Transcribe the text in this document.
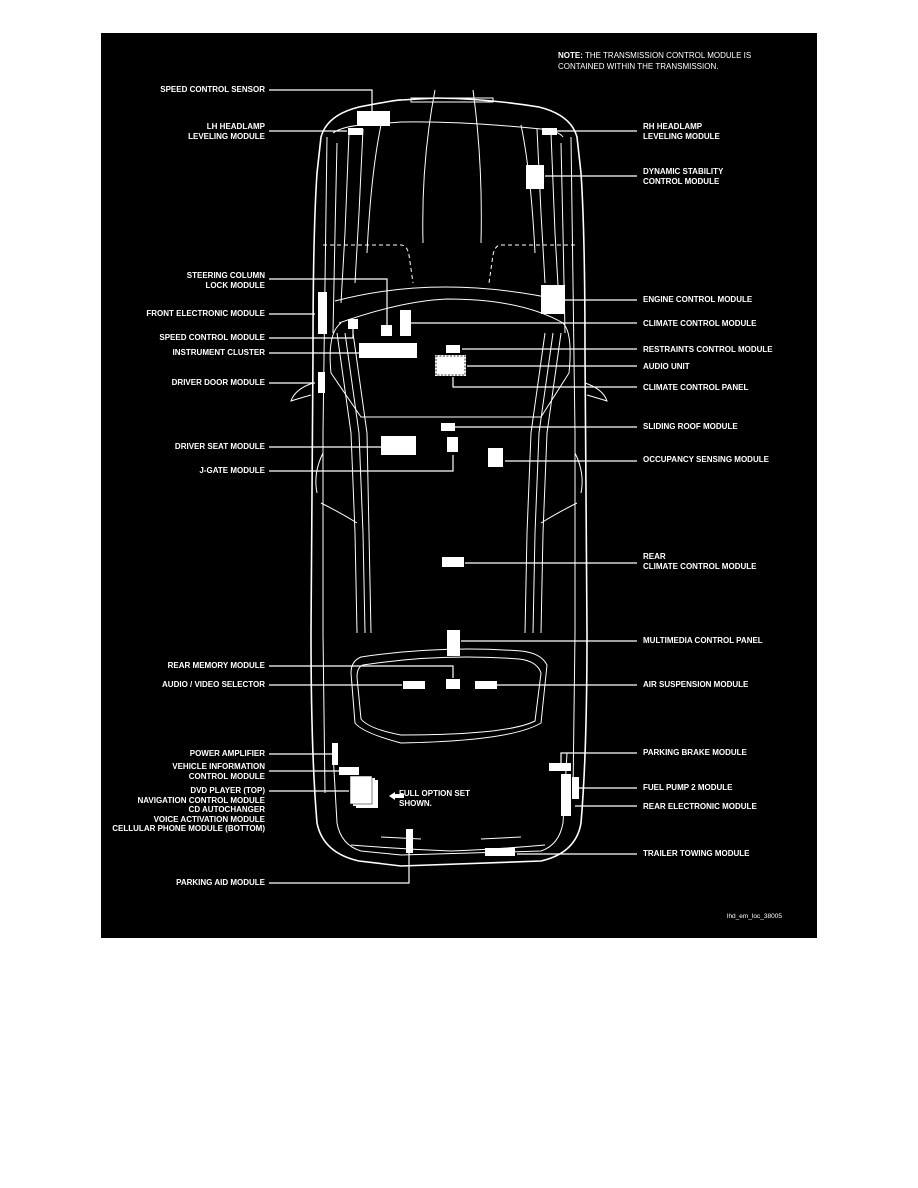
NOTE: THE TRANSMISSION CONTROL MODULE IS
CONTAINED WITHIN THE TRANSMISSION.
SPEED CONTROL SENSOR
LH HEADLAMP
LEVELING MODULE
STEERING COLUMN
LOCK MODULE
FRONT ELECTRONIC MODULE
SPEED CONTROL MODULE
INSTRUMENT CLUSTER
DRIVER DOOR MODULE
DRIVER SEAT MODULE
J-GATE MODULE
REAR MEMORY MODULE
AUDIO / VIDEO SELECTOR
POWER AMPLIFIER
VEHICLE INFORMATION
CONTROL MODULE
DVD PLAYER (TOP)
NAVIGATION CONTROL MODULE
CD AUTOCHANGER
VOICE ACTIVATION MODULE
CELLULAR PHONE MODULE (BOTTOM)
PARKING AID MODULE
RH HEADLAMP
LEVELING MODULE
DYNAMIC STABILITY
CONTROL MODULE
ENGINE CONTROL MODULE
CLIMATE CONTROL MODULE
RESTRAINTS CONTROL MODULE
AUDIO UNIT
CLIMATE CONTROL PANEL
SLIDING ROOF MODULE
OCCUPANCY SENSING MODULE
REAR
CLIMATE CONTROL MODULE
MULTIMEDIA CONTROL PANEL
AIR SUSPENSION MODULE
PARKING BRAKE MODULE
FUEL PUMP 2 MODULE
REAR ELECTRONIC MODULE
TRAILER TOWING MODULE
FULL OPTION SET
SHOWN.
lhd_em_loc_38005
